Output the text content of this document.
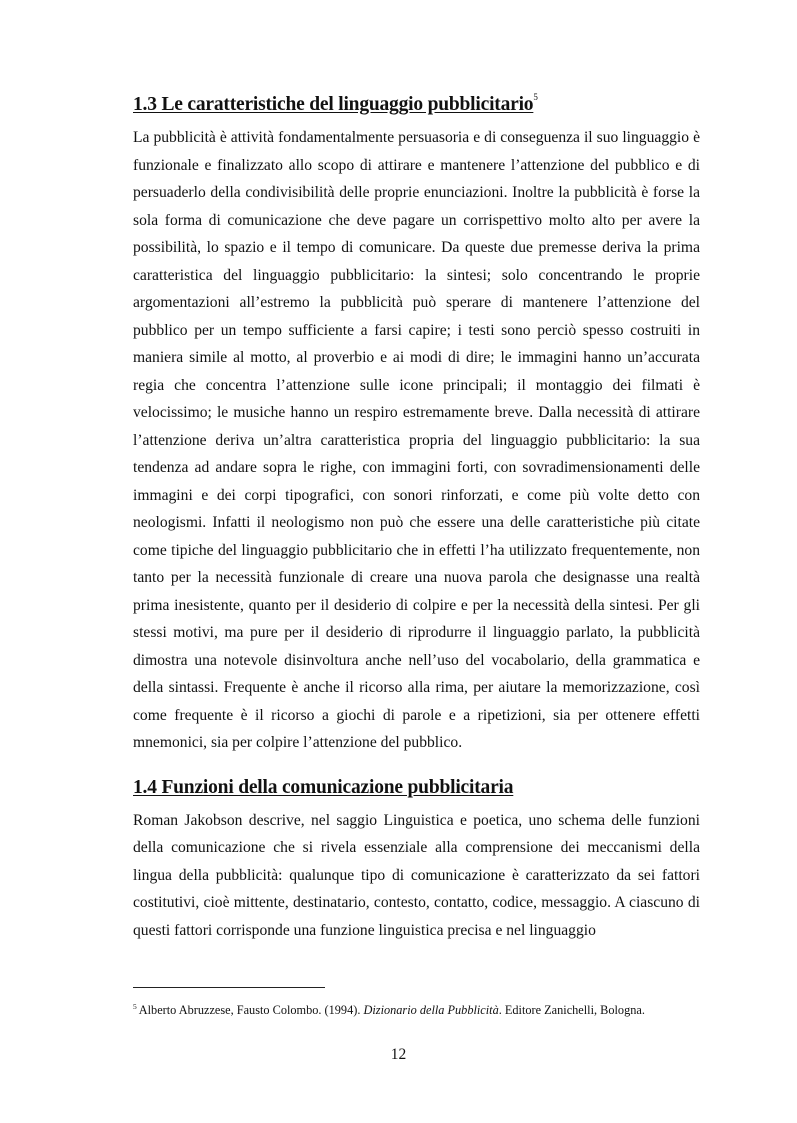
1.3 Le caratteristiche del linguaggio pubblicitario$^5$

La pubblicità è attività fondamentalmente persuasoria e di conseguenza il suo linguaggio è funzionale e finalizzato allo scopo di attirare e mantenere l’attenzione del pubblico e di persuaderlo della condivisibilità delle proprie enunciazioni. Inoltre la pubblicità è forse la sola forma di comunicazione che deve pagare un corrispettivo molto alto per avere la possibilità, lo spazio e il tempo di comunicare. Da queste due premesse deriva la prima caratteristica del linguaggio pubblicitario: la sintesi; solo concentrando le proprie argomentazioni all’estremo la pubblicità può sperare di mantenere l’attenzione del pubblico per un tempo sufficiente a farsi capire; i testi sono perciò spesso costruiti in maniera simile al motto, al proverbio e ai modi di dire; le immagini hanno un’accurata regia che concentra l’attenzione sulle icone principali; il montaggio dei filmati è velocissimo; le musiche hanno un respiro estremamente breve. Dalla necessità di attirare l’attenzione deriva un’altra caratteristica propria del linguaggio pubblicitario: la sua tendenza ad andare sopra le righe, con immagini forti, con sovradimensionamenti delle immagini e dei corpi tipografici, con sonori rinforzati, e come più volte detto con neologismi. Infatti il neologismo non può che essere una delle caratteristiche più citate come tipiche del linguaggio pubblicitario che in effetti l’ha utilizzato frequentemente, non tanto per la necessità funzionale di creare una nuova parola che designasse una realtà prima inesistente, quanto per il desiderio di colpire e per la necessità della sintesi. Per gli stessi motivi, ma pure per il desiderio di riprodurre il linguaggio parlato, la pubblicità dimostra una notevole disinvoltura anche nell’uso del vocabolario, della grammatica e della sintassi. Frequente è anche il ricorso alla rima, per aiutare la memorizzazione, così come frequente è il ricorso a giochi di parole e a ripetizioni, sia per ottenere effetti mnemonici, sia per colpire l’attenzione del pubblico.

1.4 Funzioni della comunicazione pubblicitaria

Roman Jakobson descrive, nel saggio Linguistica e poetica, uno schema delle funzioni della comunicazione che si rivela essenziale alla comprensione dei meccanismi della lingua della pubblicità: qualunque tipo di comunicazione è caratterizzato da sei fattori costitutivi, cioè mittente, destinatario, contesto, contatto, codice, messaggio. A ciascuno di questi fattori corrisponde una funzione linguistica precisa e nel linguaggio

$^5$ Alberto Abruzzese, Fausto Colombo. (1994). Dizionario della Pubblicità. Editore Zanichelli, Bologna.
12
